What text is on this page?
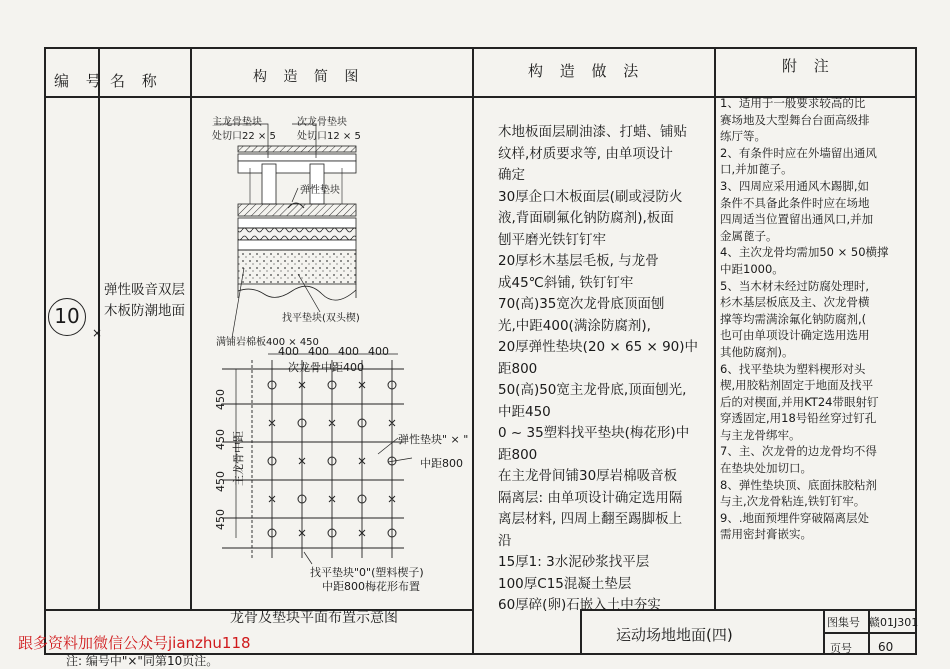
编 号 名 称	构 造 简 图	构 造 做 法	附 注
10
×
弹性吸音双层木板防潮地面
主龙骨垫块
处切口22 × 5
次龙骨垫块
处切口12 × 5
弹性垫块
找平垫块(双头楔)
满铺岩棉板400 × 450
400 400 400 400
次龙骨中距400
450
450
450
450
主龙骨中距	弹性垫块" × "
中距800
找平垫块"0"(塑料楔子)
中距800梅花形布置
龙骨及垫块平面布置示意图
木地板面层刷油漆、打蜡、铺贴
纹样,材质要求等, 由单项设计
确定
30厚企口木板面层(刷或浸防火
液,背面刷氟化钠防腐剂),板面
刨平磨光铁钉钉牢
20厚杉木基层毛板, 与龙骨
成45℃斜铺, 铁钉钉牢
70(高)35宽次龙骨底顶面刨
光,中距400(满涂防腐剂),
20厚弹性垫块(20 × 65 × 90)中
距800
50(高)50宽主龙骨底,顶面刨光,
中距450
0 ~ 35塑料找平垫块(梅花形)中
距800
在主龙骨间铺30厚岩棉吸音板
隔离层: 由单项设计确定选用隔
离层材料, 四周上翻至踢脚板上
沿
15厚1: 3水泥砂浆找平层
100厚C15混凝土垫层
60厚碎(卵)石嵌入土中夯实
1、适用于一般要求较高的比
赛场地及大型舞台台面高级排
练厅等。
2、有条件时应在外墙留出通风
口,并加蓖子。
3、四周应采用通风木踢脚,如
条件不具备此条件时应在场地
四周适当位置留出通风口,并加
金属蓖子。
4、主次龙骨均需加50 × 50横撑
中距1000。
5、当木材未经过防腐处理时,
杉木基层板底及主、次龙骨横
撑等均需满涂氟化钠防腐剂,(
也可由单项设计确定选用选用
其他防腐剂)。
6、找平垫块为塑料楔形对头
楔,用胶粘剂固定于地面及找平
后的对楔面,并用KT24带眼射钉
穿透固定,用18号铅丝穿过钉孔
与主龙骨绑牢。
7、主、次龙骨的边龙骨均不得
在垫块处加切口。
8、弹性垫块顶、底面抹胶粘剂
与主,次龙骨粘连,铁钉钉牢。
9、.地面预埋件穿破隔离层处
需用密封膏嵌实。
运动场地地面(四)
图集号 赣01J301
页号 60
跟多资料加微信公众号jianzhu118
注: 编号中"×"同第10页注。
